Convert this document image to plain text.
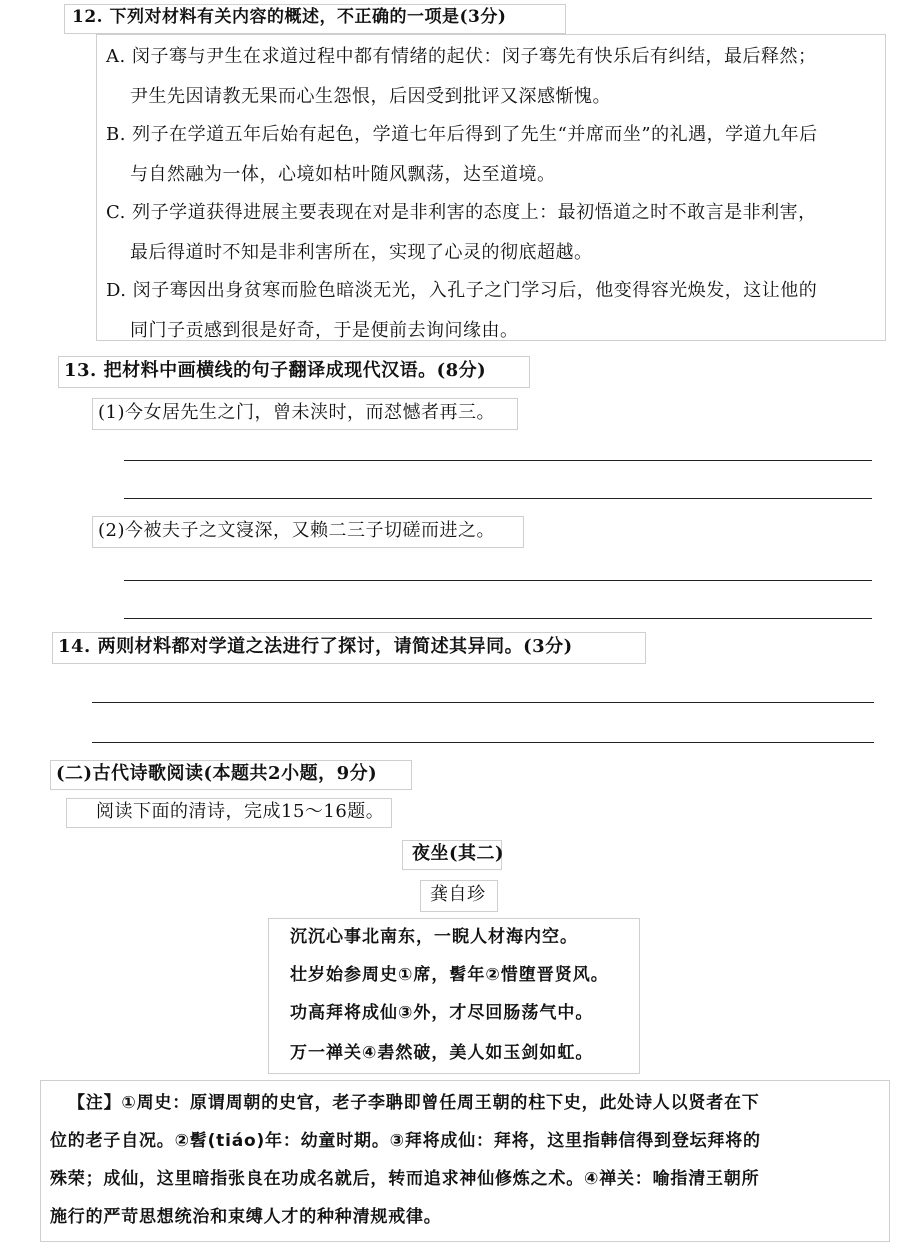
12. 下列对材料有关内容的概述，不正确的一项是(3分)
A. 闵子骞与尹生在求道过程中都有情绪的起伏：闵子骞先有快乐后有纠结，最后释然；
尹生先因请教无果而心生怨恨，后因受到批评又深感惭愧。
B. 列子在学道五年后始有起色，学道七年后得到了先生“并席而坐”的礼遇，学道九年后
与自然融为一体，心境如枯叶随风飘荡，达至道境。
C. 列子学道获得进展主要表现在对是非利害的态度上：最初悟道之时不敢言是非利害，
最后得道时不知是非利害所在，实现了心灵的彻底超越。
D. 闵子骞因出身贫寒而脸色暗淡无光，入孔子之门学习后，他变得容光焕发，这让他的
同门子贡感到很是好奇，于是便前去询问缘由。
13. 把材料中画横线的句子翻译成现代汉语。(8分)
(1)今女居先生之门，曾未浃时，而怼憾者再三。
(2)今被夫子之文寖深，又赖二三子切磋而进之。
14. 两则材料都对学道之法进行了探讨，请简述其异同。(3分)
(二)古代诗歌阅读(本题共2小题，9分)
阅读下面的清诗，完成15～16题。
夜坐(其二)
龚自珍
沉沉心事北南东，一睨人材海内空。
壮岁始参周史①席，髫年②惜堕晋贤风。
功高拜将成仙③外，才尽回肠荡气中。
万一禅关④砉然破，美人如玉剑如虹。
【注】①周史：原谓周朝的史官，老子李聃即曾任周王朝的柱下史，此处诗人以贤者在下
位的老子自况。②髫(tiáo)年：幼童时期。③拜将成仙：拜将，这里指韩信得到登坛拜将的
殊荣；成仙，这里暗指张良在功成名就后，转而追求神仙修炼之术。④禅关：喻指清王朝所
施行的严苛思想统治和束缚人才的种种清规戒律。
